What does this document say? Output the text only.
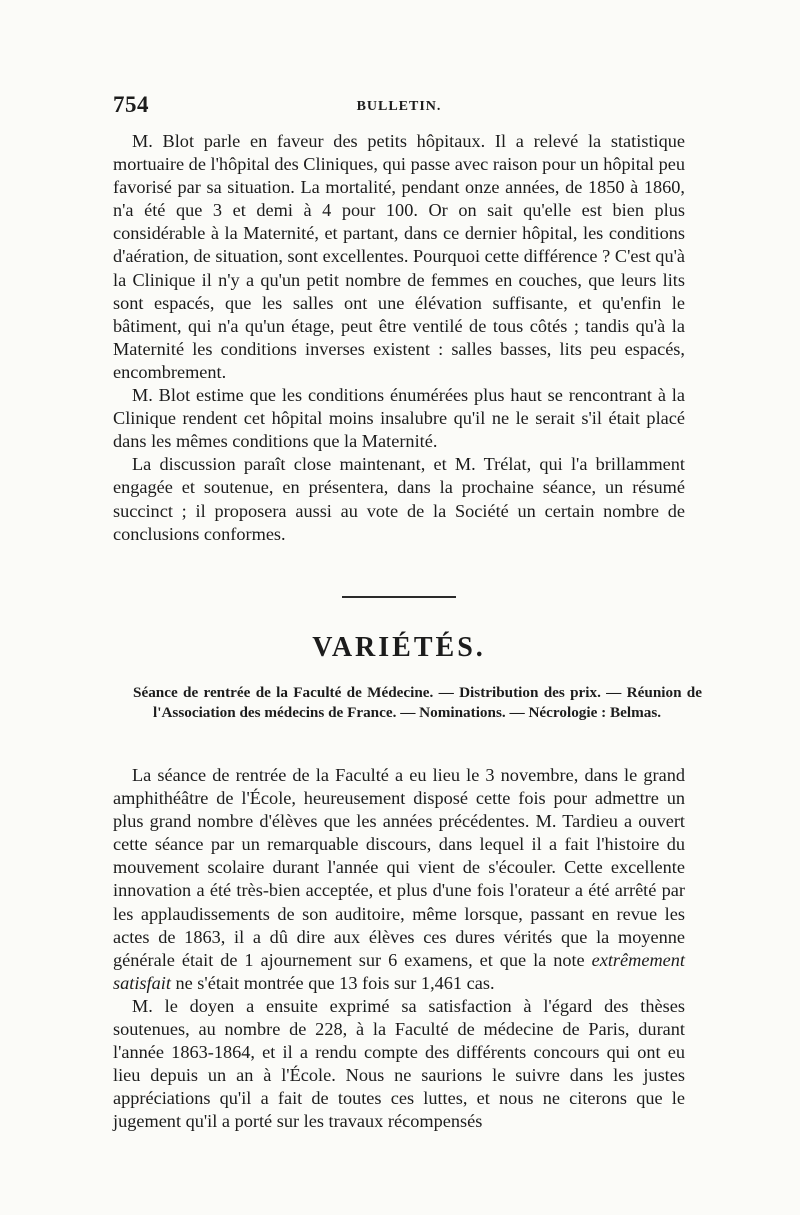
754	BULLETIN.

M. Blot parle en faveur des petits hôpitaux. Il a relevé la statistique mortuaire de l'hôpital des Cliniques, qui passe avec raison pour un hôpital peu favorisé par sa situation. La mortalité, pendant onze années, de 1850 à 1860, n'a été que 3 et demi à 4 pour 100. Or on sait qu'elle est bien plus considérable à la Maternité, et partant, dans ce dernier hôpital, les conditions d'aération, de situation, sont excellentes. Pourquoi cette différence ? C'est qu'à la Clinique il n'y a qu'un petit nombre de femmes en couches, que leurs lits sont espacés, que les salles ont une élévation suffisante, et qu'enfin le bâtiment, qui n'a qu'un étage, peut être ventilé de tous côtés ; tandis qu'à la Maternité les conditions inverses existent : salles basses, lits peu espacés, encombrement.

M. Blot estime que les conditions énumérées plus haut se rencontrant à la Clinique rendent cet hôpital moins insalubre qu'il ne le serait s'il était placé dans les mêmes conditions que la Maternité.

La discussion paraît close maintenant, et M. Trélat, qui l'a brillamment engagée et soutenue, en présentera, dans la prochaine séance, un résumé succinct ; il proposera aussi au vote de la Société un certain nombre de conclusions conformes.

VARIÉTÉS.
Séance de rentrée de la Faculté de Médecine. — Distribution des prix. — Réunion de l'Association des médecins de France. — Nominations. — Nécrologie : Belmas.

La séance de rentrée de la Faculté a eu lieu le 3 novembre, dans le grand amphithéâtre de l'École, heureusement disposé cette fois pour admettre un plus grand nombre d'élèves que les années précédentes. M. Tardieu a ouvert cette séance par un remarquable discours, dans lequel il a fait l'histoire du mouvement scolaire durant l'année qui vient de s'écouler. Cette excellente innovation a été très-bien acceptée, et plus d'une fois l'orateur a été arrêté par les applaudissements de son auditoire, même lorsque, passant en revue les actes de 1863, il a dû dire aux élèves ces dures vérités que la moyenne générale était de 1 ajournement sur 6 examens, et que la note extrêmement satisfait ne s'était montrée que 13 fois sur 1,461 cas.

M. le doyen a ensuite exprimé sa satisfaction à l'égard des thèses soutenues, au nombre de 228, à la Faculté de médecine de Paris, durant l'année 1863-1864, et il a rendu compte des différents concours qui ont eu lieu depuis un an à l'École. Nous ne saurions le suivre dans les justes appréciations qu'il a fait de toutes ces luttes, et nous ne citerons que le jugement qu'il a porté sur les travaux récompensés
